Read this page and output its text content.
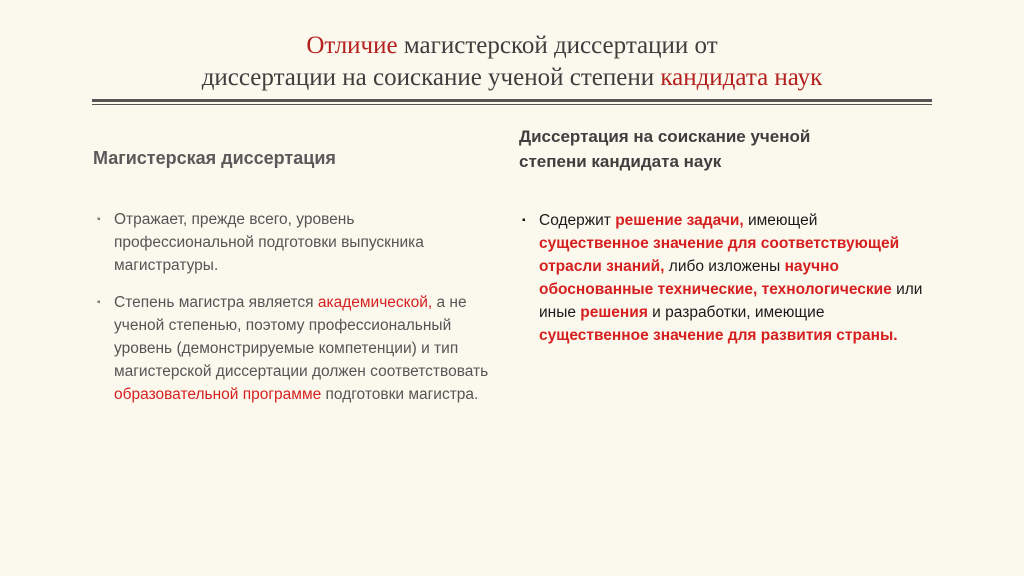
Отличие магистерской диссертации от
диссертации на соискание ученой степени кандидата наук
Магистерская диссертация
Диссертация на соискание ученой
степени кандидата наук
▪ Отражает, прежде всего, уровень профессиональной подготовки выпускника магистратуры.
▪ Степень магистра является академической, а не ученой степенью, поэтому профессиональный уровень (демонстрируемые компетенции) и тип магистерской диссертации должен соответствовать образовательной программе подготовки магистра.
▪ Содержит решение задачи, имеющей существенное значение для соответствующей отрасли знаний, либо изложены научно обоснованные технические, технологические или иные решения и разработки, имеющие существенное значение для развития страны.
